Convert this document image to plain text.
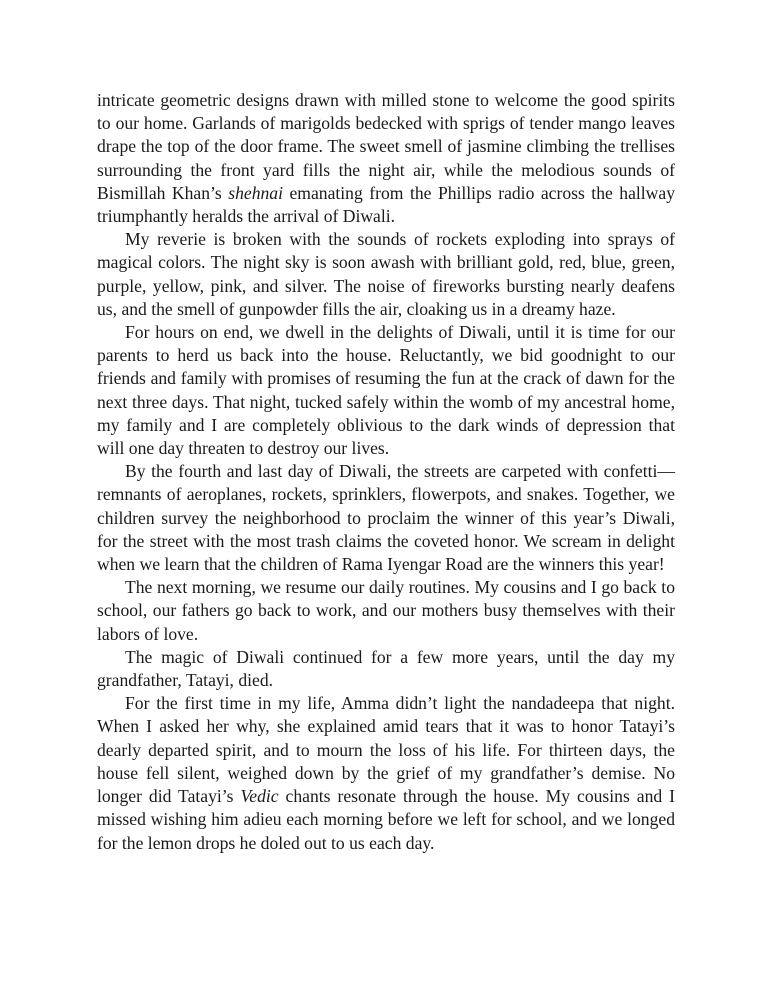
intricate geometric designs drawn with milled stone to welcome the good spirits to our home. Garlands of marigolds bedecked with sprigs of tender mango leaves drape the top of the door frame. The sweet smell of jasmine climbing the trellises surrounding the front yard fills the night air, while the melodious sounds of Bismillah Khan’s shehnai emanating from the Phillips radio across the hallway triumphantly heralds the arrival of Diwali.

My reverie is broken with the sounds of rockets exploding into sprays of magical colors. The night sky is soon awash with brilliant gold, red, blue, green, purple, yellow, pink, and silver. The noise of fireworks bursting nearly deafens us, and the smell of gunpowder fills the air, cloaking us in a dreamy haze.

For hours on end, we dwell in the delights of Diwali, until it is time for our parents to herd us back into the house. Reluctantly, we bid goodnight to our friends and family with promises of resuming the fun at the crack of dawn for the next three days. That night, tucked safely within the womb of my ancestral home, my family and I are completely oblivious to the dark winds of depression that will one day threaten to destroy our lives.

By the fourth and last day of Diwali, the streets are carpeted with confetti—remnants of aeroplanes, rockets, sprinklers, flowerpots, and snakes. Together, we children survey the neighborhood to proclaim the winner of this year’s Diwali, for the street with the most trash claims the coveted honor. We scream in delight when we learn that the children of Rama Iyengar Road are the winners this year!

The next morning, we resume our daily routines. My cousins and I go back to school, our fathers go back to work, and our mothers busy themselves with their labors of love.

The magic of Diwali continued for a few more years, until the day my grandfather, Tatayi, died.

For the first time in my life, Amma didn’t light the nandadeepa that night. When I asked her why, she explained amid tears that it was to honor Tatayi’s dearly departed spirit, and to mourn the loss of his life. For thirteen days, the house fell silent, weighed down by the grief of my grandfather’s demise. No longer did Tatayi’s Vedic chants resonate through the house. My cousins and I missed wishing him adieu each morning before we left for school, and we longed for the lemon drops he doled out to us each day.
